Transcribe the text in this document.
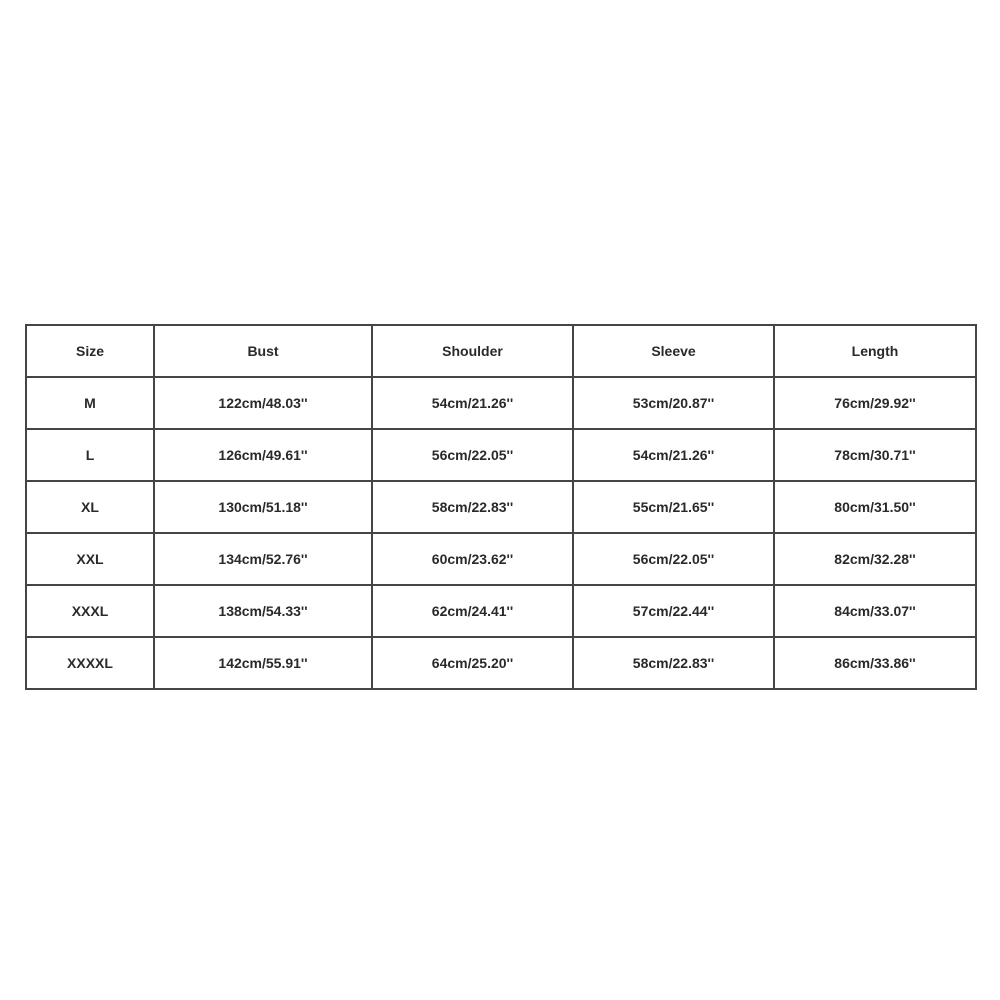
Size	Bust	Shoulder	Sleeve	Length
M	122cm/48.03''	54cm/21.26''	53cm/20.87''	76cm/29.92''
L	126cm/49.61''	56cm/22.05''	54cm/21.26''	78cm/30.71''
XL	130cm/51.18''	58cm/22.83''	55cm/21.65''	80cm/31.50''
XXL	134cm/52.76''	60cm/23.62''	56cm/22.05''	82cm/32.28''
XXXL	138cm/54.33''	62cm/24.41''	57cm/22.44''	84cm/33.07''
XXXXL	142cm/55.91''	64cm/25.20''	58cm/22.83''	86cm/33.86''
